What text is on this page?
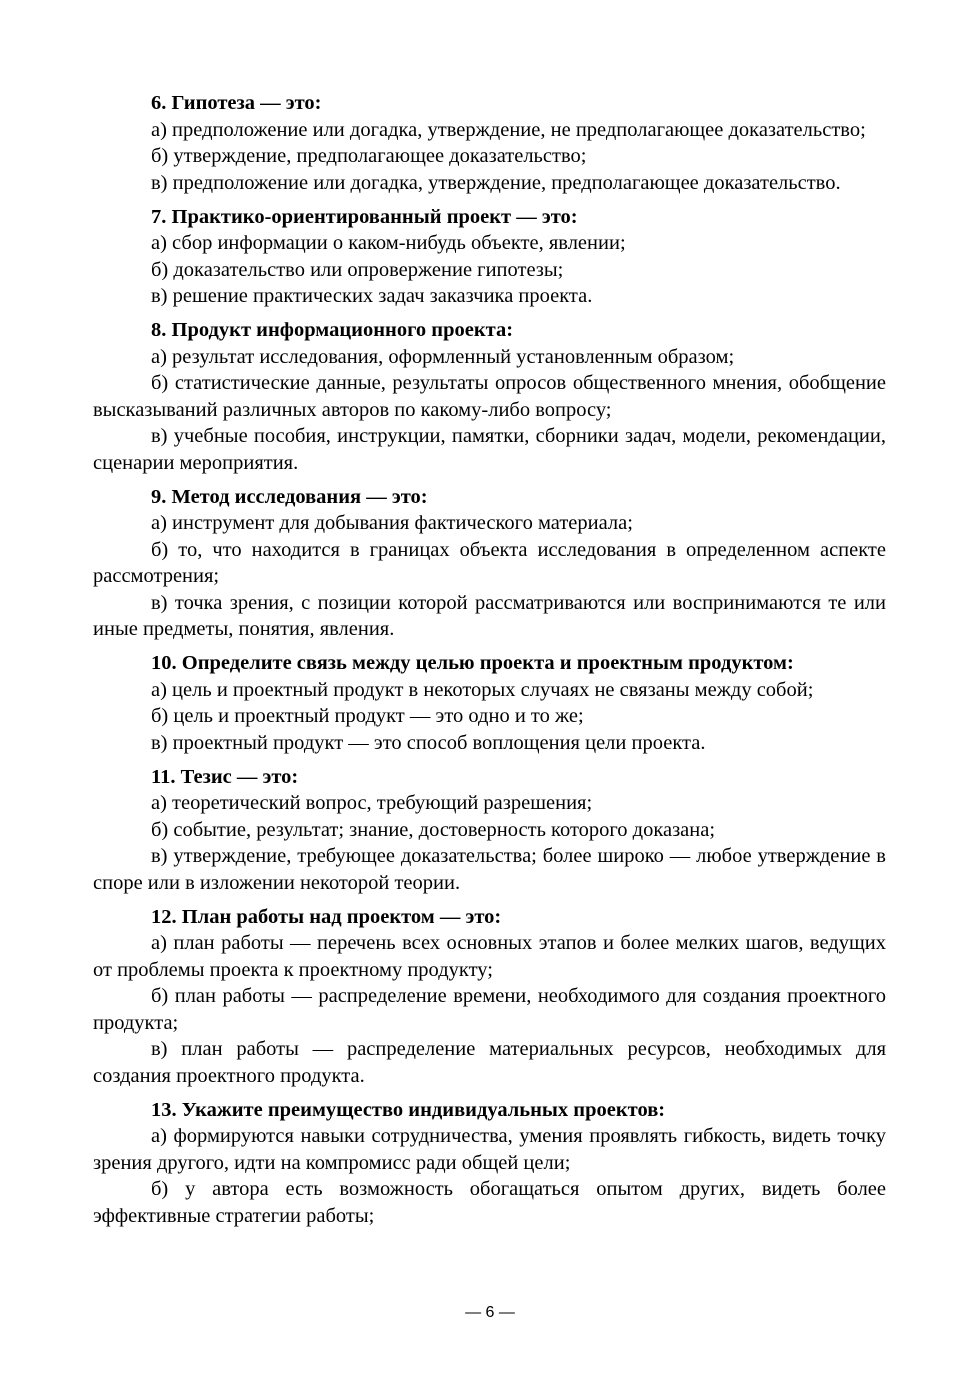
6. Гипотеза — это:

а) предположение или догадка, утверждение, не предполагающее доказательство;

б) утверждение, предполагающее доказательство;

в) предположение или догадка, утверждение, предполагающее доказательство.

7. Практико-ориентированный проект — это:

а) сбор информации о каком-нибудь объекте, явлении;

б) доказательство или опровержение гипотезы;

в) решение практических задач заказчика проекта.

8. Продукт информационного проекта:

а) результат исследования, оформленный установленным образом;

б) статистические данные, результаты опросов общественного мнения, обобщение высказываний различных авторов по какому-либо вопросу;

в) учебные пособия, инструкции, памятки, сборники задач, модели, рекомендации, сценарии мероприятия.

9. Метод исследования — это:

а) инструмент для добывания фактического материала;

б) то, что находится в границах объекта исследования в определенном аспекте рассмотрения;

в) точка зрения, с позиции которой рассматриваются или воспринимаются те или иные предметы, понятия, явления.

10. Определите связь между целью проекта и проектным продуктом:

а) цель и проектный продукт в некоторых случаях не связаны между собой;

б) цель и проектный продукт — это одно и то же;

в) проектный продукт — это способ воплощения цели проекта.

11. Тезис — это:

а) теоретический вопрос, требующий разрешения;

б) событие, результат; знание, достоверность которого доказана;

в) утверждение, требующее доказательства; более широко — любое утверждение в споре или в изложении некоторой теории.

12. План работы над проектом — это:

а) план работы — перечень всех основных этапов и более мелких шагов, ведущих от проблемы проекта к проектному продукту;

б) план работы — распределение времени, необходимого для создания проектного продукта;

в) план работы — распределение материальных ресурсов, необходимых для создания проектного продукта.

13. Укажите преимущество индивидуальных проектов:

а) формируются навыки сотрудничества, умения проявлять гибкость, видеть точку зрения другого, идти на компромисс ради общей цели;

б) у автора есть возможность обогащаться опытом других, видеть более эффективные стратегии работы;

— 6 —
